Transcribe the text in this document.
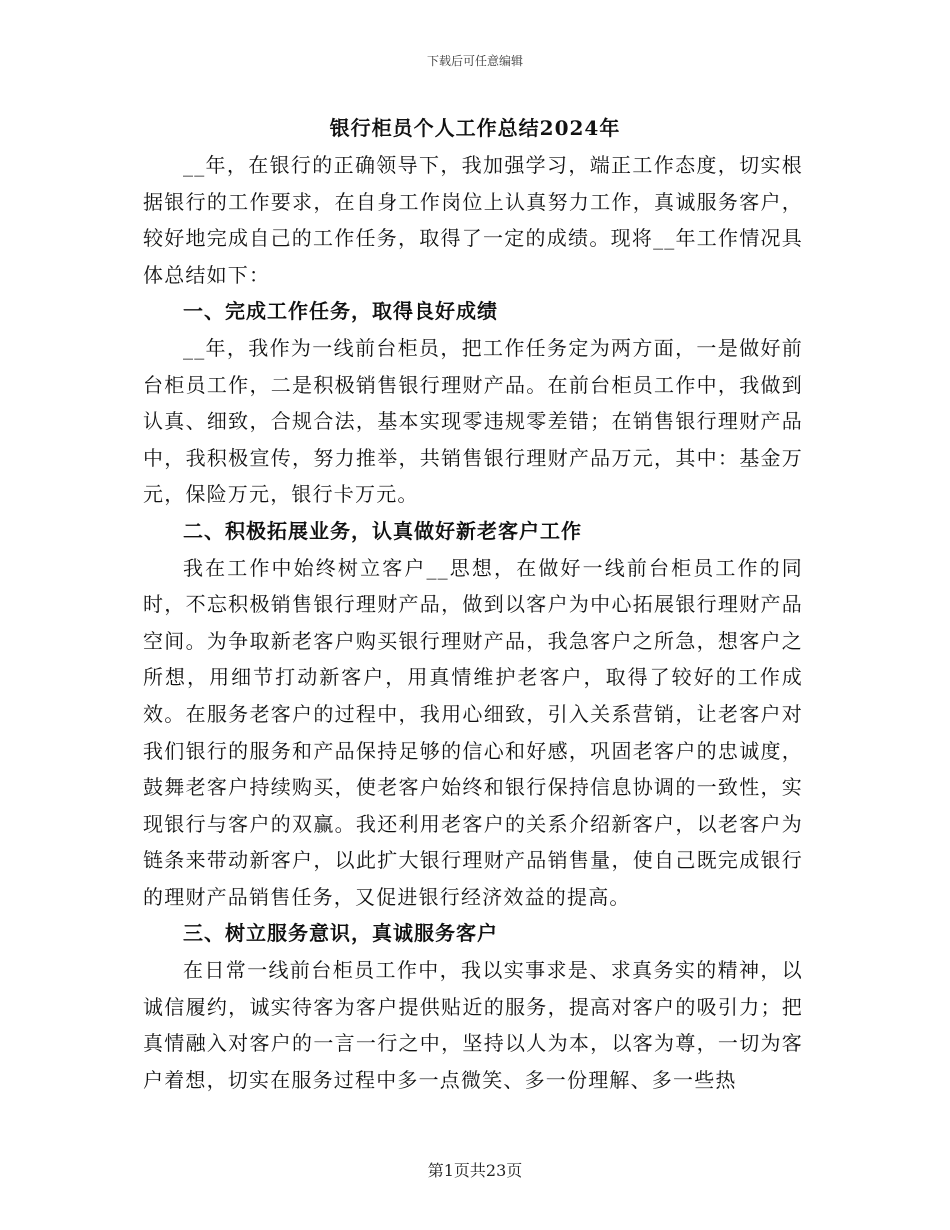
下载后可任意编辑
银行柜员个人工作总结2024年

__年，在银行的正确领导下，我加强学习，端正工作态度，切实根据银行的工作要求，在自身工作岗位上认真努力工作，真诚服务客户，较好地完成自己的工作任务，取得了一定的成绩。现将__年工作情况具体总结如下：

一、完成工作任务，取得良好成绩

__年，我作为一线前台柜员，把工作任务定为两方面，一是做好前台柜员工作，二是积极销售银行理财产品。在前台柜员工作中，我做到认真、细致，合规合法，基本实现零违规零差错；在销售银行理财产品中，我积极宣传，努力推举，共销售银行理财产品万元，其中：基金万元，保险万元，银行卡万元。

二、积极拓展业务，认真做好新老客户工作

我在工作中始终树立客户__思想，在做好一线前台柜员工作的同时，不忘积极销售银行理财产品，做到以客户为中心拓展银行理财产品空间。为争取新老客户购买银行理财产品，我急客户之所急，想客户之所想，用细节打动新客户，用真情维护老客户，取得了较好的工作成效。在服务老客户的过程中，我用心细致，引入关系营销，让老客户对我们银行的服务和产品保持足够的信心和好感，巩固老客户的忠诚度，鼓舞老客户持续购买，使老客户始终和银行保持信息协调的一致性，实现银行与客户的双赢。我还利用老客户的关系介绍新客户，以老客户为链条来带动新客户，以此扩大银行理财产品销售量，使自己既完成银行的理财产品销售任务，又促进银行经济效益的提高。

三、树立服务意识，真诚服务客户

在日常一线前台柜员工作中，我以实事求是、求真务实的精神，以诚信履约，诚实待客为客户提供贴近的服务，提高对客户的吸引力；把真情融入对客户的一言一行之中，坚持以人为本，以客为尊，一切为客户着想，切实在服务过程中多一点微笑、多一份理解、多一些热

第1页共23页
